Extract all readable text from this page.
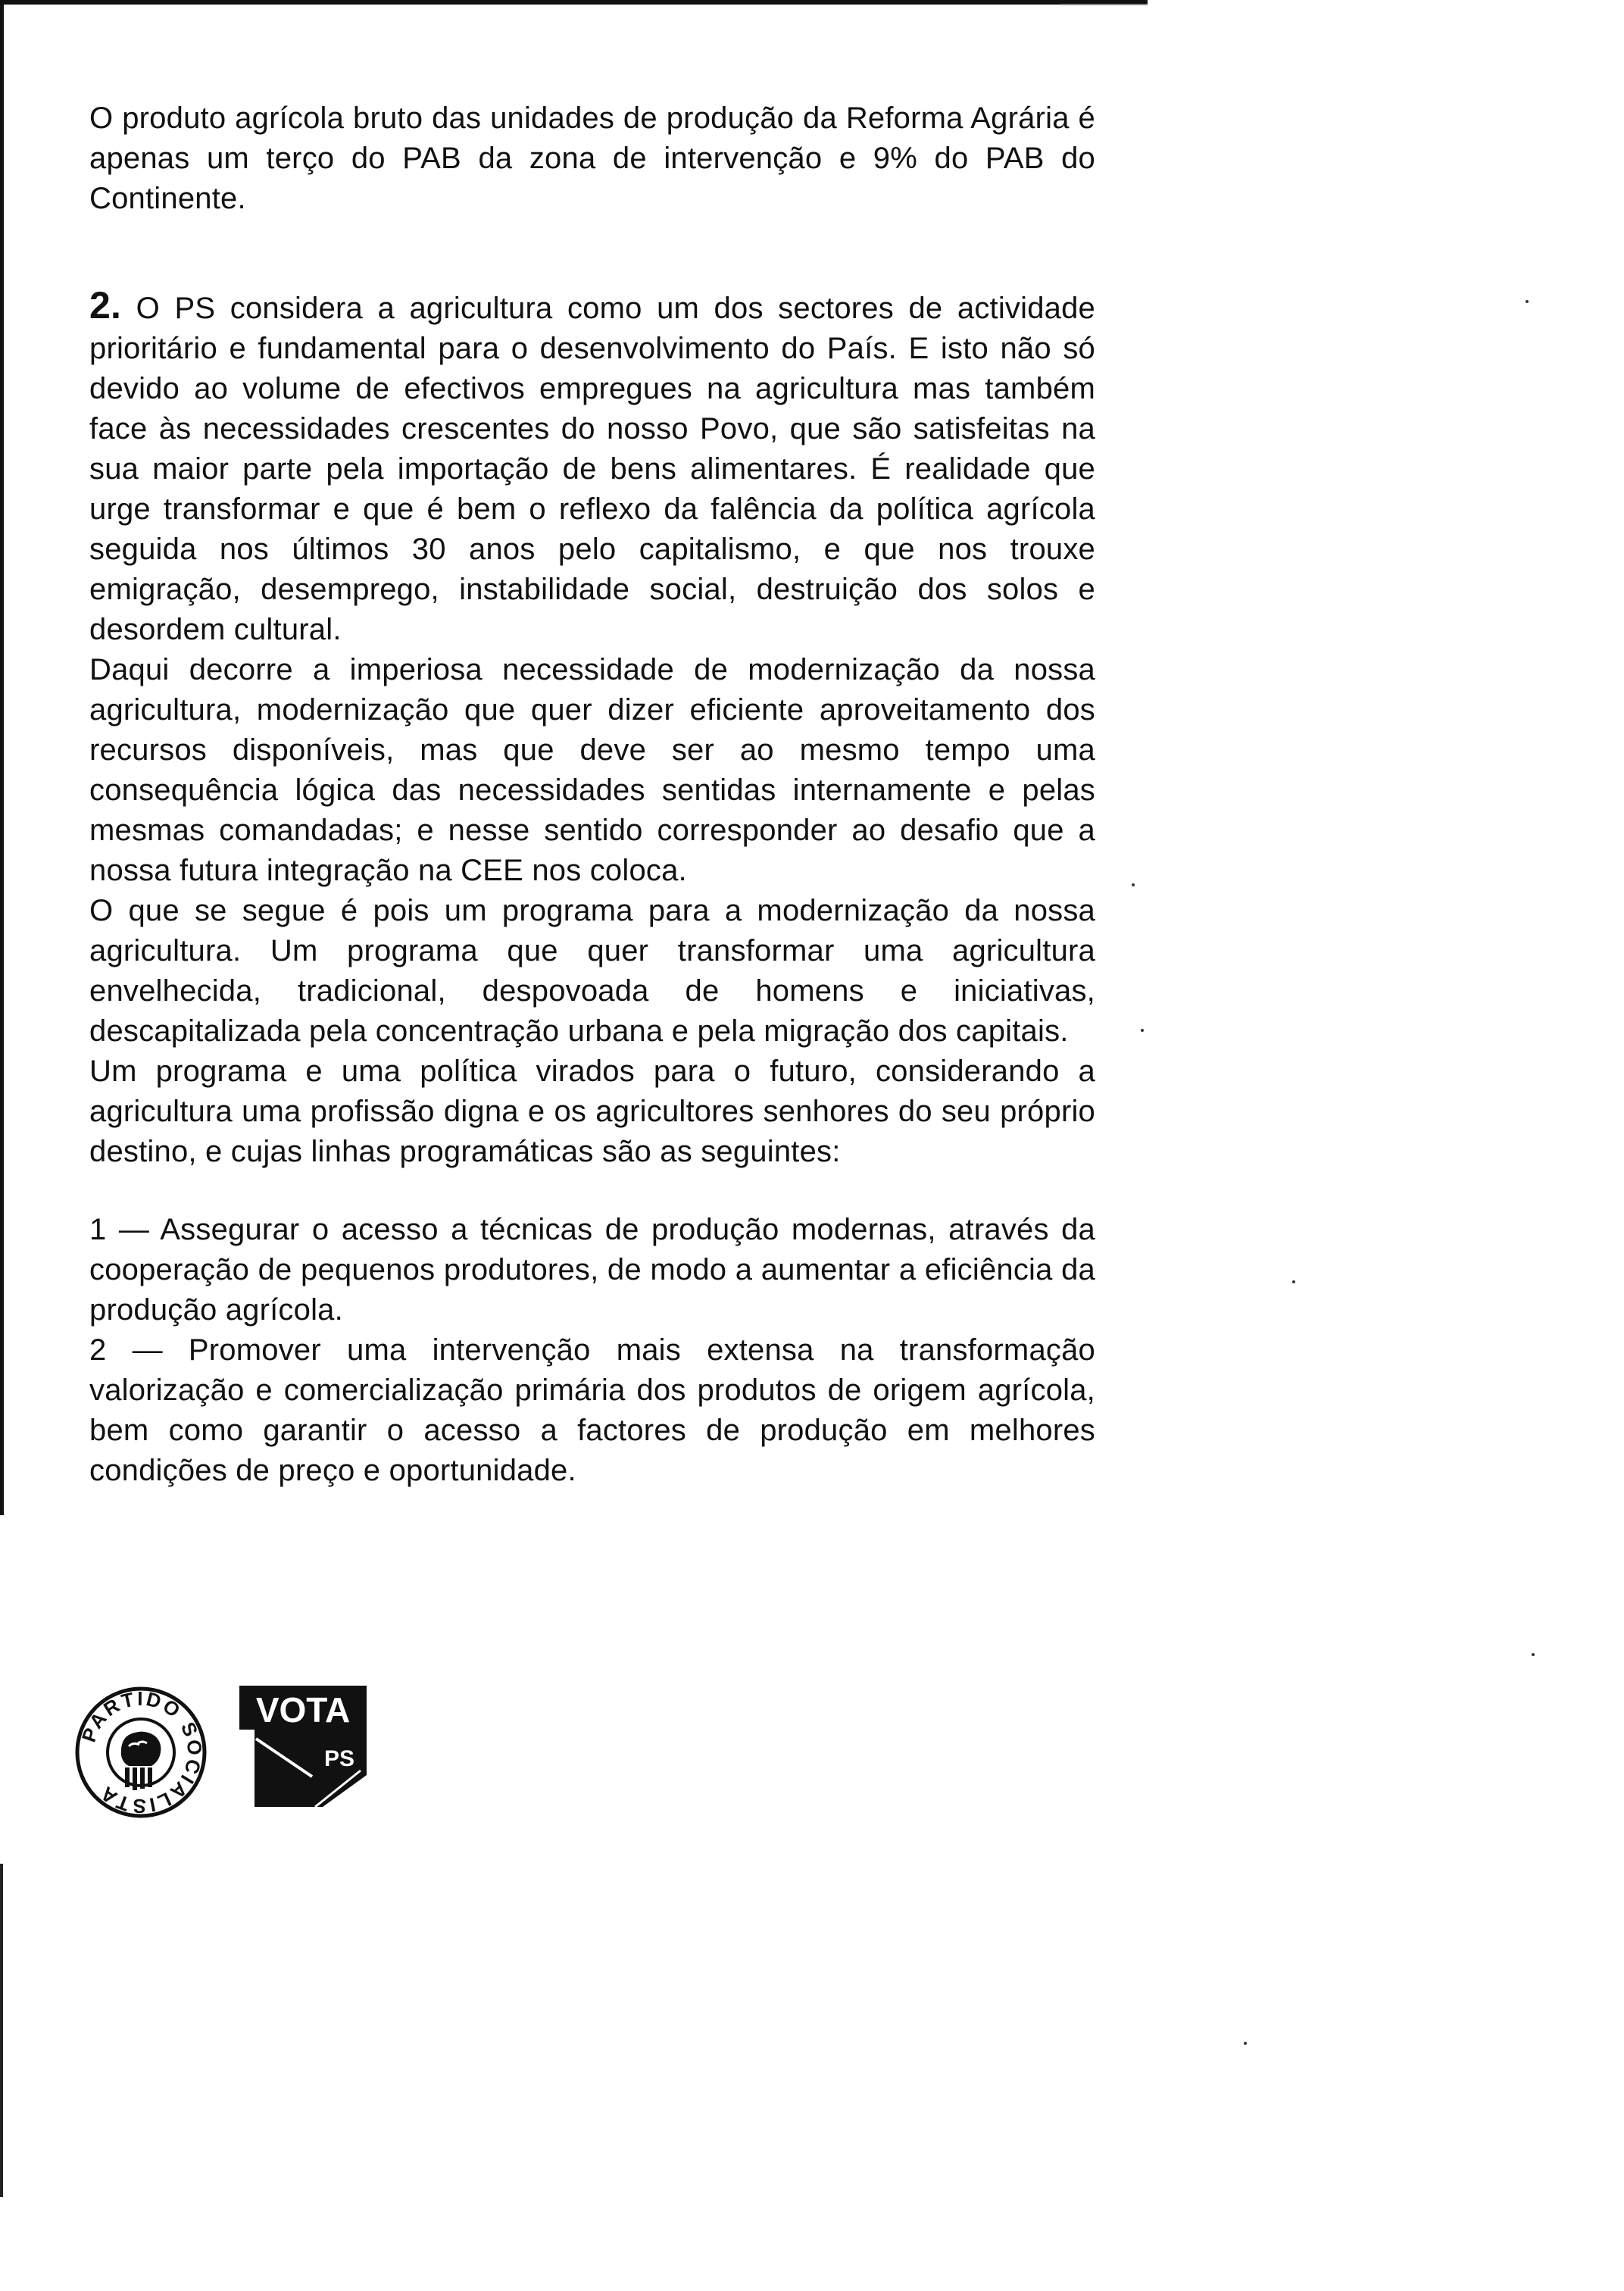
O produto agrícola bruto das unidades de produção da Reforma Agrária é apenas um terço do PAB da zona de intervenção e 9% do PAB do Continente.

2. O PS considera a agricultura como um dos sectores de actividade prioritário e fundamental para o desenvolvimento do País. E isto não só devido ao volume de efectivos empregues na agricultura mas também face às necessidades crescentes do nosso Povo, que são satisfeitas na sua maior parte pela importação de bens alimentares. É realidade que urge transformar e que é bem o reflexo da falência da política agrícola seguida nos últimos 30 anos pelo capitalismo, e que nos trouxe emigração, desemprego, instabilidade social, destruição dos solos e desordem cultural.

Daqui decorre a imperiosa necessidade de modernização da nossa agricultura, modernização que quer dizer eficiente aproveitamento dos recursos disponíveis, mas que deve ser ao mesmo tempo uma consequência lógica das necessidades sentidas internamente e pelas mesmas comandadas; e nesse sentido corresponder ao desafio que a nossa futura integração na CEE nos coloca.

O que se segue é pois um programa para a modernização da nossa agricultura. Um programa que quer transformar uma agricultura envelhecida, tradicional, despovoada de homens e iniciativas, descapitalizada pela concentração urbana e pela migração dos capitais.

Um programa e uma política virados para o futuro, considerando a agricultura uma profissão digna e os agricultores senhores do seu próprio destino, e cujas linhas programáticas são as seguintes:

1 — Assegurar o acesso a técnicas de produção modernas, através da cooperação de pequenos produtores, de modo a aumentar a eficiência da produção agrícola.

2 — Promover uma intervenção mais extensa na transformação valorização e comercialização primária dos produtos de origem agrícola, bem como garantir o acesso a factores de produção em melhores condições de preço e oportunidade.

PARTIDO SOCIALISTA
VOTA
PS
